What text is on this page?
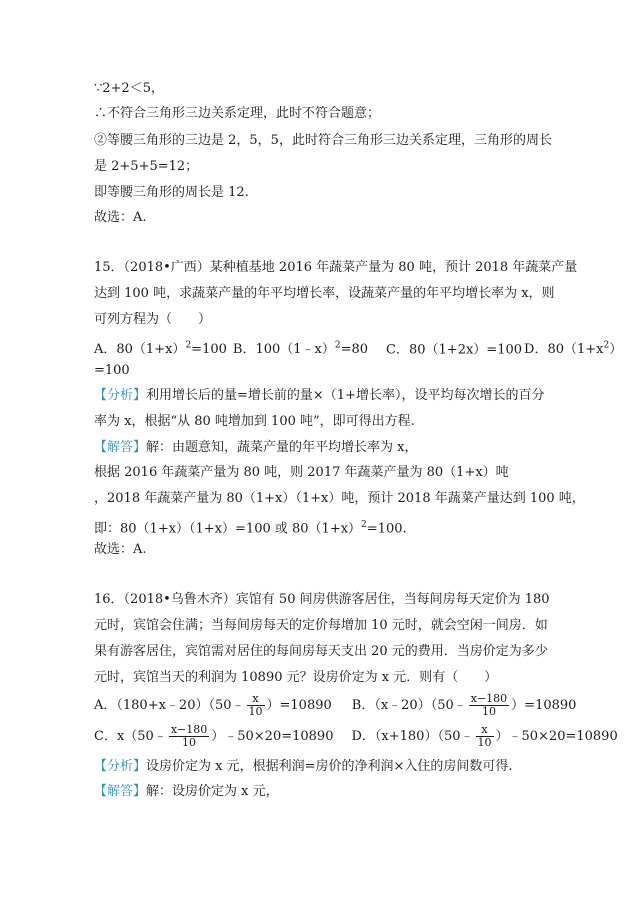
∵2+2＜5，
∴不符合三角形三边关系定理，此时不符合题意；
②等腰三角形的三边是 2，5，5，此时符合三角形三边关系定理，三角形的周长
是 2+5+5=12；
即等腰三角形的周长是 12.
故选：A.
15．（2018•广西）某种植基地 2016 年蔬菜产量为 80 吨，预计 2018 年蔬菜产量
达到 100 吨，求蔬菜产量的年平均增长率，设蔬菜产量的年平均增长率为 x，则
可列方程为（　　）
A．$80(1+x)^2=100$ B．100（1﹣x）$^2$=80 C．80（1+2x）=100 D．$80(1+x^2)$
=100
【分析】利用增长后的量=增长前的量×（1+增长率），设平均每次增长的百分
率为 x，根据“从 80 吨增加到 100 吨”，即可得出方程.
【解答】解：由题意知，蔬菜产量的年平均增长率为 x，
根据 2016 年蔬菜产量为 80 吨，则 2017 年蔬菜产量为 80（1+x）吨
，2018 年蔬菜产量为 80（1+x）（1+x）吨，预计 2018 年蔬菜产量达到 100 吨，
即：80（1+x）（1+x）=100 或 $80(1+x)^2=100$.
故选：A.
16．（2018•乌鲁木齐）宾馆有 50 间房供游客居住，当每间房每天定价为 180
元时，宾馆会住满；当每间房每天的定价每增加 10 元时，就会空闲一间房．如
果有游客居住，宾馆需对居住的每间房每天支出 20 元的费用．当房价定为多少
元时，宾馆当天的利润为 10890 元？设房价定为 x 元．则有（　　）
A．（180+x﹣20）（50﹣ $\frac{x}{10} )=10890$ B．（x﹣20）（50﹣ $\frac{x-180}{10} )=10890$
C．x（50﹣ $\frac{x-180}{10}$ ）﹣50×20=10890 D．（x+180）（50﹣ $\frac{x}{10}$ ）﹣50×20=10890
【分析】设房价定为 x 元，根据利润=房价的净利润×入住的房间数可得.
【解答】解：设房价定为 x 元，
